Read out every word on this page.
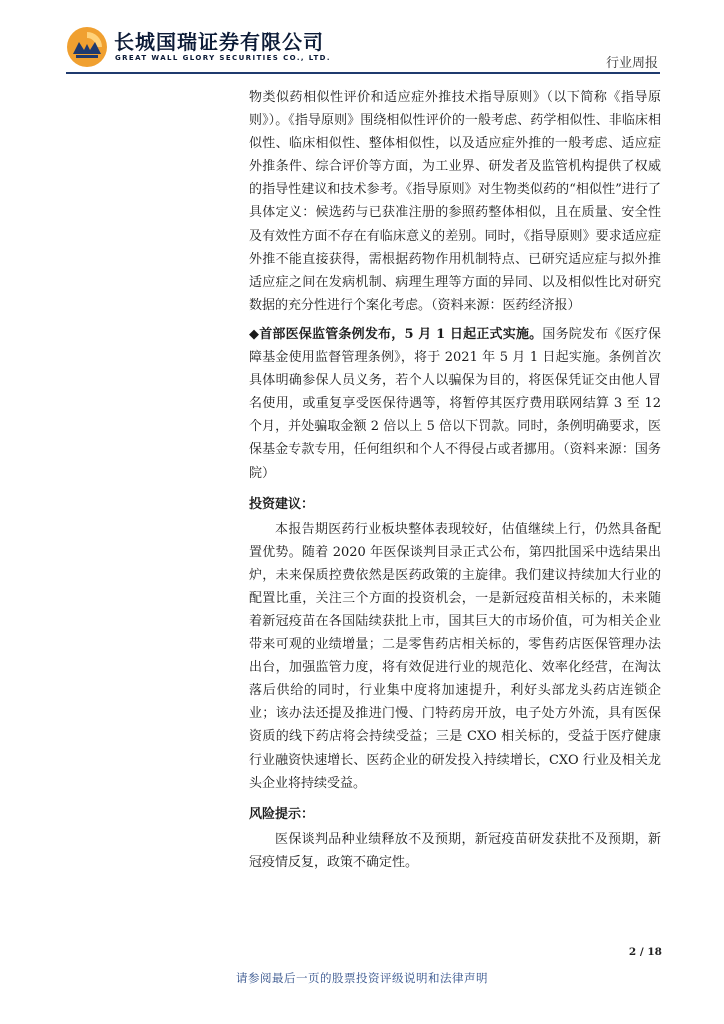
长城国瑞证券有限公司
GREAT WALL GLORY SECURITIES CO., LTD.	行业周报

物类似药相似性评价和适应症外推技术指导原则》（以下简称《指导原则》）。《指导原则》围绕相似性评价的一般考虑、药学相似性、非临床相似性、临床相似性、整体相似性，以及适应症外推的一般考虑、适应症外推条件、综合评价等方面，为工业界、研发者及监管机构提供了权威的指导性建议和技术参考。《指导原则》对生物类似药的“相似性”进行了具体定义：候选药与已获准注册的参照药整体相似，且在质量、安全性及有效性方面不存在有临床意义的差别。同时，《指导原则》要求适应症外推不能直接获得，需根据药物作用机制特点、已研究适应症与拟外推适应症之间在发病机制、病理生理等方面的异同、以及相似性比对研究数据的充分性进行个案化考虑。（资料来源：医药经济报）

◆首部医保监管条例发布，5 月 1 日起正式实施。国务院发布《医疗保障基金使用监督管理条例》，将于 2021 年 5 月 1 日起实施。条例首次具体明确参保人员义务，若个人以骗保为目的，将医保凭证交由他人冒名使用，或重复享受医保待遇等，将暂停其医疗费用联网结算 3 至 12 个月，并处骗取金额 2 倍以上 5 倍以下罚款。同时，条例明确要求，医保基金专款专用，任何组织和个人不得侵占或者挪用。（资料来源：国务院）

投资建议：

本报告期医药行业板块整体表现较好，估值继续上行，仍然具备配置优势。随着 2020 年医保谈判目录正式公布，第四批国采中选结果出炉，未来保质控费依然是医药政策的主旋律。我们建议持续加大行业的配置比重，关注三个方面的投资机会，一是新冠疫苗相关标的，未来随着新冠疫苗在各国陆续获批上市，国其巨大的市场价值，可为相关企业带来可观的业绩增量；二是零售药店相关标的，零售药店医保管理办法出台，加强监管力度，将有效促进行业的规范化、效率化经营，在淘汰落后供给的同时，行业集中度将加速提升，利好头部龙头药店连锁企业；该办法还提及推进门慢、门特药房开放，电子处方外流，具有医保资质的线下药店将会持续受益；三是 CXO 相关标的，受益于医疗健康行业融资快速增长、医药企业的研发投入持续增长，CXO 行业及相关龙头企业将持续受益。

风险提示：

医保谈判品种业绩释放不及预期，新冠疫苗研发获批不及预期，新冠疫情反复，政策不确定性。

2 / 18
请参阅最后一页的股票投资评级说明和法律声明
